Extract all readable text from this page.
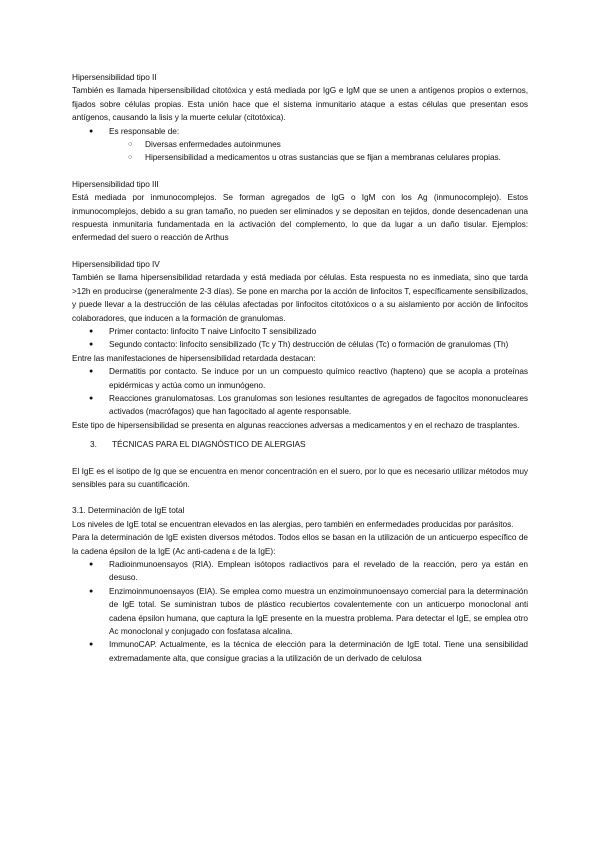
Hipersensibilidad tipo II

También es llamada hipersensibilidad citotóxica y está mediada por IgG e IgM que se unen a antígenos propios o externos, fijados sobre células propias. Esta unión hace que el sistema inmunitario ataque a estas células que presentan esos antígenos, causando la lisis y la muerte celular (citotóxica).

● Es responsable de:
○ Diversas enfermedades autoinmunes
○ Hipersensibilidad a medicamentos u otras sustancias que se fijan a membranas celulares propias.

Hipersensibilidad tipo III

Está mediada por inmunocomplejos. Se forman agregados de IgG o IgM con los Ag (inmunocomplejo). Estos inmunocomplejos, debido a su gran tamaño, no pueden ser eliminados y se depositan en tejidos, donde desencadenan una respuesta inmunitaria fundamentada en la activación del complemento, lo que da lugar a un daño tisular. Ejemplos: enfermedad del suero o reacción de Arthus

Hipersensibilidad tipo IV

También se llama hipersensibilidad retardada y está mediada por células. Esta respuesta no es inmediata, sino que tarda >12h en producirse (generalmente 2-3 días). Se pone en marcha por la acción de linfocitos T, específicamente sensibilizados, y puede llevar a la destrucción de las células afectadas por linfocitos citotóxicos o a su aislamiento por acción de linfocitos colaboradores, que inducen a la formación de granulomas.

● Primer contacto: linfocito T naive Linfocito T sensibilizado
● Segundo contacto: linfocito sensibilizado (Tc y Th) destrucción de células (Tc) o formación de granulomas (Th)

Entre las manifestaciones de hipersensibilidad retardada destacan:

● Dermatitis por contacto. Se induce por un un compuesto químico reactivo (hapteno) que se acopla a proteínas epidérmicas y actúa como un inmunógeno.
● Reacciones granulomatosas. Los granulomas son lesiones resultantes de agregados de fagocitos mononucleares activados (macrófagos) que han fagocitado al agente responsable.

Este tipo de hipersensibilidad se presenta en algunas reacciones adversas a medicamentos y en el rechazo de trasplantes.

3. TÉCNICAS PARA EL DIAGNÓSTICO DE ALERGIAS

El IgE es el isotipo de Ig que se encuentra en menor concentración en el suero, por lo que es necesario utilizar métodos muy sensibles para su cuantificación.

3.1. Determinación de IgE total

Los niveles de IgE total se encuentran elevados en las alergias, pero también en enfermedades producidas por parásitos.

Para la determinación de IgE existen diversos métodos. Todos ellos se basan en la utilización de un anticuerpo específico de la cadena épsilon de la IgE (Ac anti-cadena ε de la IgE):

● Radioinmunoensayos (RIA). Emplean isótopos radiactivos para el revelado de la reacción, pero ya están en desuso.
● Enzimoinmunoensayos (EIA). Se emplea como muestra un enzimoinmunoensayo comercial para la determinación de IgE total. Se suministran tubos de plástico recubiertos covalentemente con un anticuerpo monoclonal anti cadena épsilon humana, que captura la IgE presente en la muestra problema. Para detectar el IgE, se emplea otro Ac monoclonal y conjugado con fosfatasa alcalina.
● ImmunoCAP. Actualmente, es la técnica de elección para la determinación de IgE total. Tiene una sensibilidad extremadamente alta, que consigue gracias a la utilización de un derivado de celulosa
